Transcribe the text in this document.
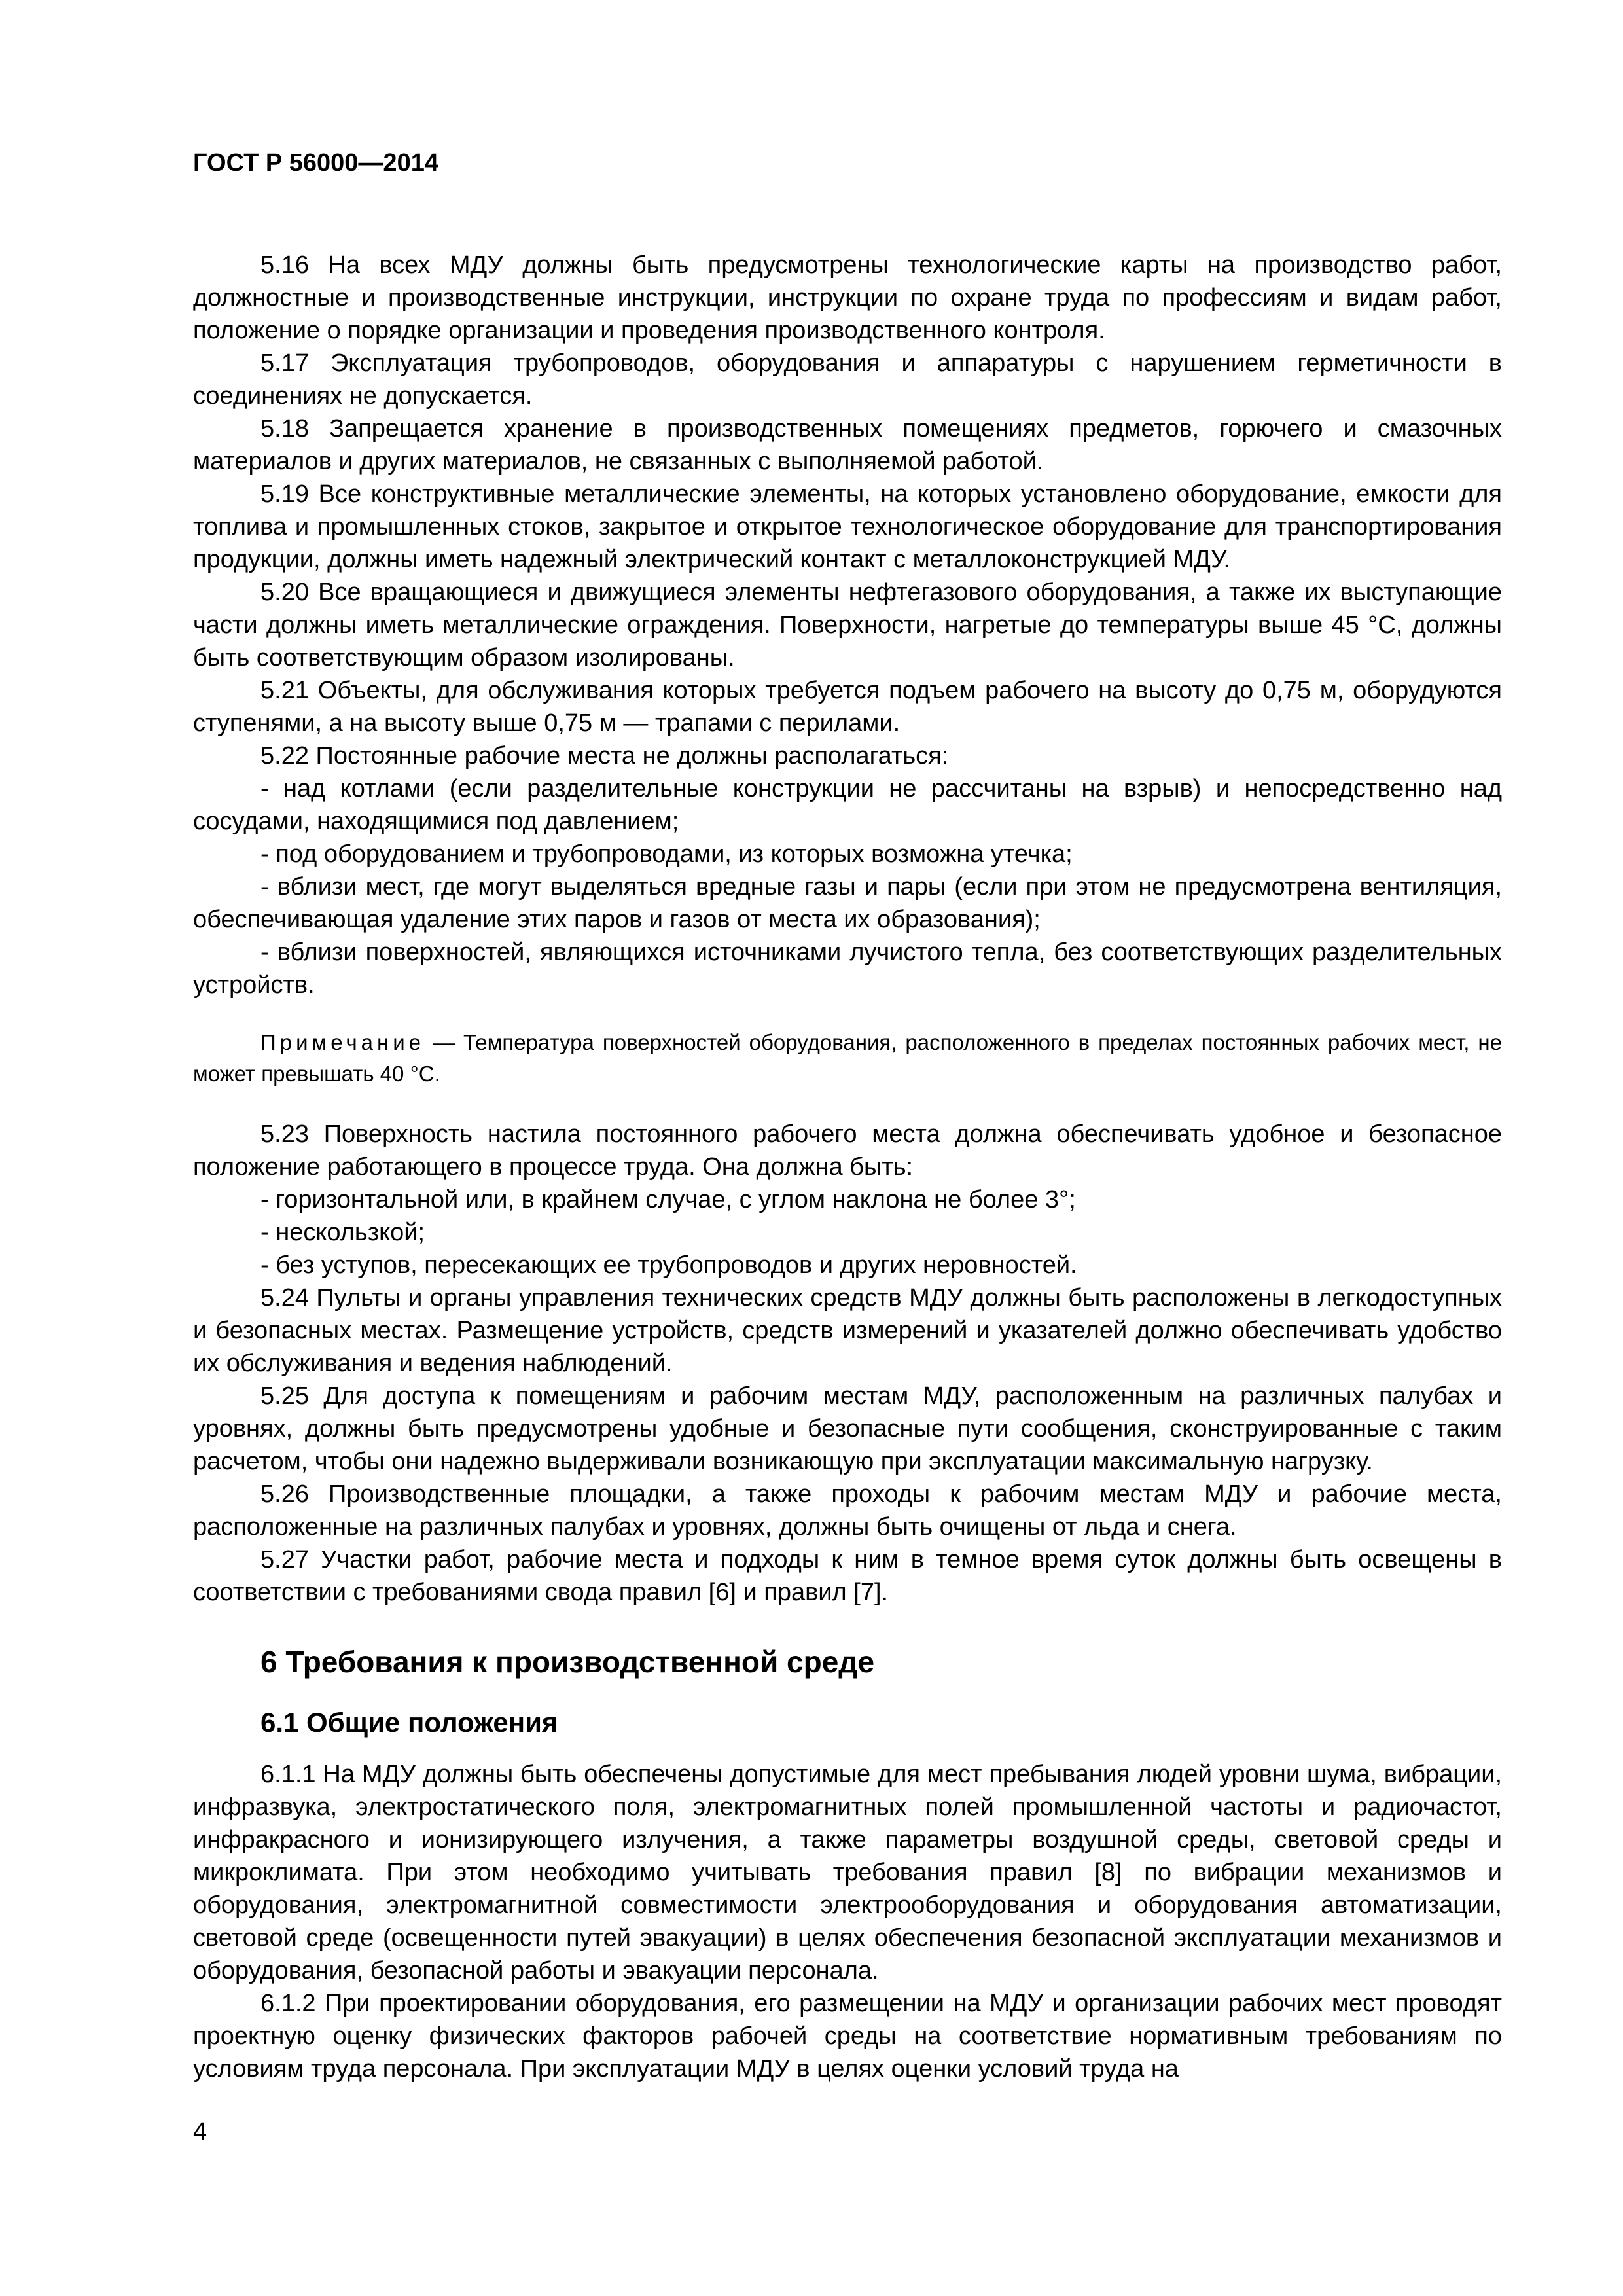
ГОСТ Р 56000—2014

5.16 На всех МДУ должны быть предусмотрены технологические карты на производство работ, должностные и производственные инструкции, инструкции по охране труда по профессиям и видам работ, положение о порядке организации и проведения производственного контроля.

5.17 Эксплуатация трубопроводов, оборудования и аппаратуры с нарушением герметичности в соединениях не допускается.

5.18 Запрещается хранение в производственных помещениях предметов, горючего и смазочных материалов и других материалов, не связанных с выполняемой работой.

5.19 Все конструктивные металлические элементы, на которых установлено оборудование, емкости для топлива и промышленных стоков, закрытое и открытое технологическое оборудование для транспортирования продукции, должны иметь надежный электрический контакт с металлоконструкцией МДУ.

5.20 Все вращающиеся и движущиеся элементы нефтегазового оборудования, а также их выступающие части должны иметь металлические ограждения. Поверхности, нагретые до температуры выше 45 °С, должны быть соответствующим образом изолированы.

5.21 Объекты, для обслуживания которых требуется подъем рабочего на высоту до 0,75 м, оборудуются ступенями, а на высоту выше 0,75 м — трапами с перилами.

5.22 Постоянные рабочие места не должны располагаться:

- над котлами (если разделительные конструкции не рассчитаны на взрыв) и непосредственно над сосудами, находящимися под давлением;

- под оборудованием и трубопроводами, из которых возможна утечка;

- вблизи мест, где могут выделяться вредные газы и пары (если при этом не предусмотрена вентиляция, обеспечивающая удаление этих паров и газов от места их образования);

- вблизи поверхностей, являющихся источниками лучистого тепла, без соответствующих разделительных устройств.

Примечание — Температура поверхностей оборудования, расположенного в пределах постоянных рабочих мест, не может превышать 40 °С.

5.23 Поверхность настила постоянного рабочего места должна обеспечивать удобное и безопасное положение работающего в процессе труда. Она должна быть:

- горизонтальной или, в крайнем случае, с углом наклона не более 3°;

- нескользкой;

- без уступов, пересекающих ее трубопроводов и других неровностей.

5.24 Пульты и органы управления технических средств МДУ должны быть расположены в легкодоступных и безопасных местах. Размещение устройств, средств измерений и указателей должно обеспечивать удобство их обслуживания и ведения наблюдений.

5.25 Для доступа к помещениям и рабочим местам МДУ, расположенным на различных палубах и уровнях, должны быть предусмотрены удобные и безопасные пути сообщения, сконструированные с таким расчетом, чтобы они надежно выдерживали возникающую при эксплуатации максимальную нагрузку.

5.26 Производственные площадки, а также проходы к рабочим местам МДУ и рабочие места, расположенные на различных палубах и уровнях, должны быть очищены от льда и снега.

5.27 Участки работ, рабочие места и подходы к ним в темное время суток должны быть освещены в соответствии с требованиями свода правил [6] и правил [7].

6 Требования к производственной среде
6.1 Общие положения

6.1.1 На МДУ должны быть обеспечены допустимые для мест пребывания людей уровни шума, вибрации, инфразвука, электростатического поля, электромагнитных полей промышленной частоты и радиочастот, инфракрасного и ионизирующего излучения, а также параметры воздушной среды, световой среды и микроклимата. При этом необходимо учитывать требования правил [8] по вибрации механизмов и оборудования, электромагнитной совместимости электрооборудования и оборудования автоматизации, световой среде (освещенности путей эвакуации) в целях обеспечения безопасной эксплуатации механизмов и оборудования, безопасной работы и эвакуации персонала.

6.1.2 При проектировании оборудования, его размещении на МДУ и организации рабочих мест проводят проектную оценку физических факторов рабочей среды на соответствие нормативным требованиям по условиям труда персонала. При эксплуатации МДУ в целях оценки условий труда на

4
